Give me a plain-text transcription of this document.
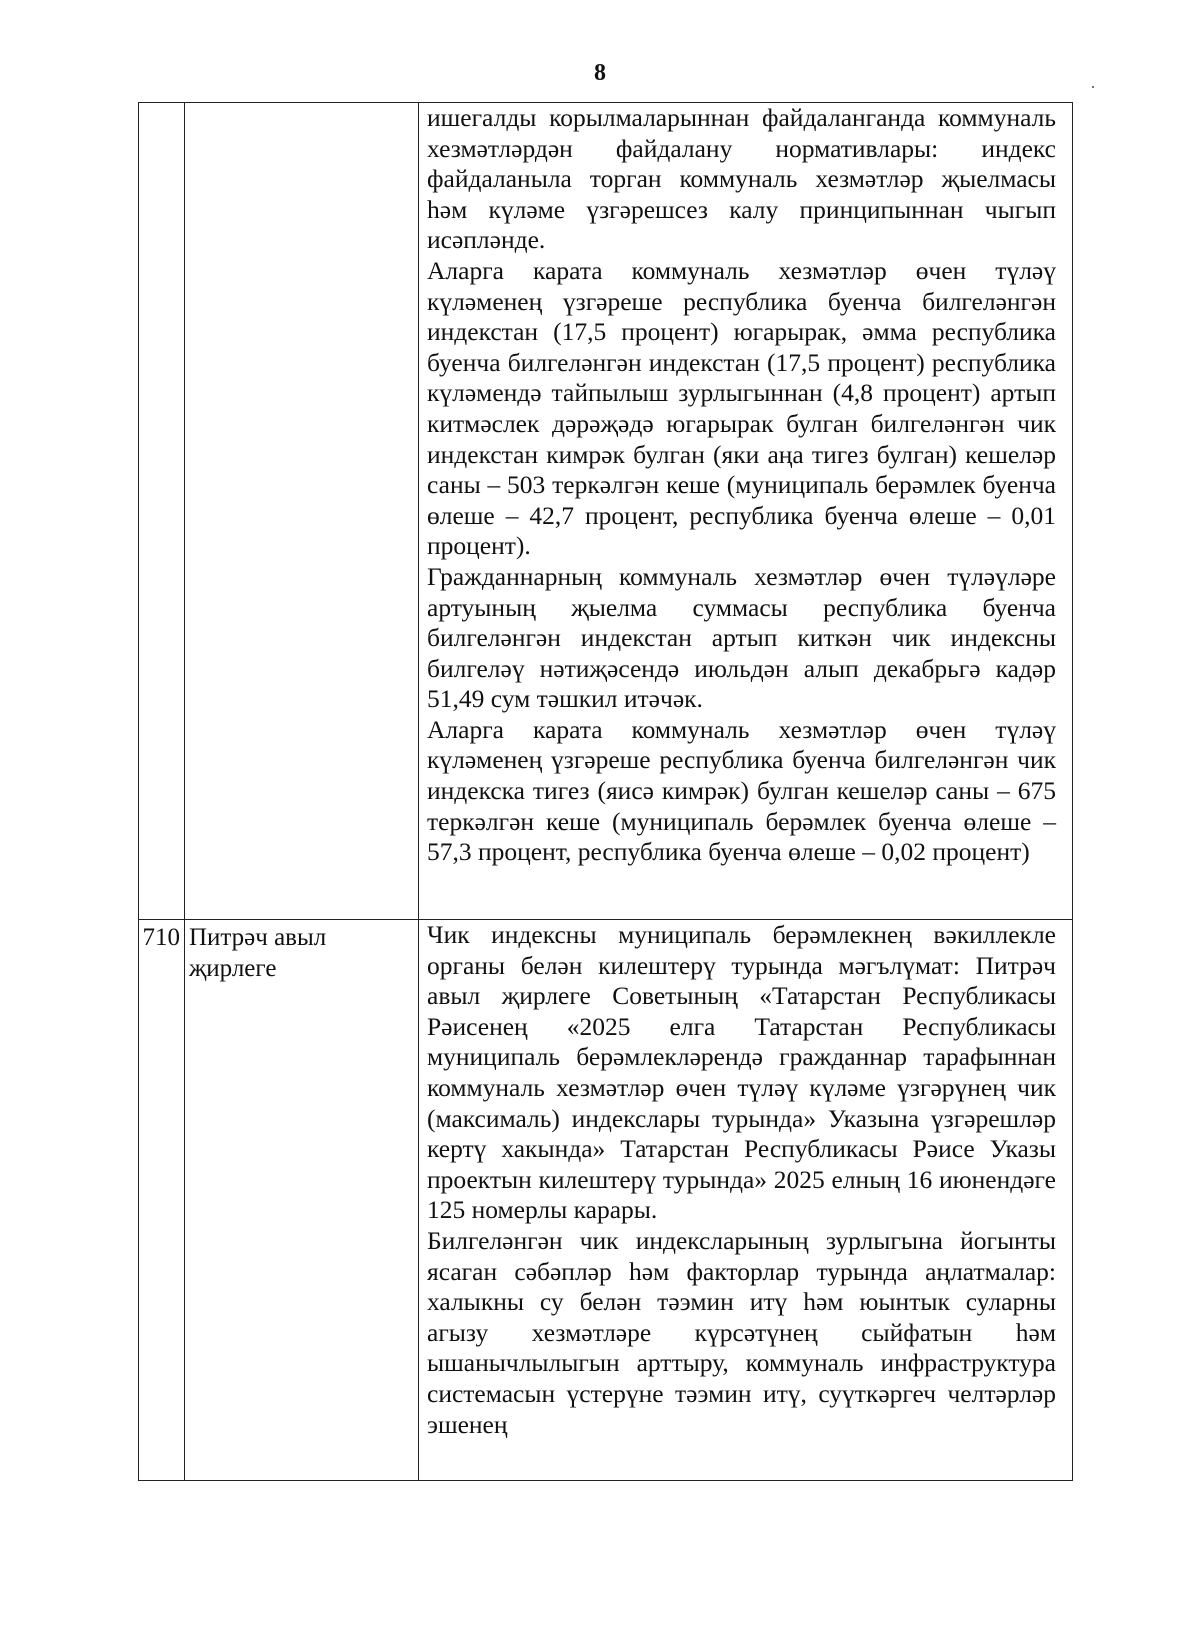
8

		ишегалды корылмаларыннан файдаланганда коммуналь хезмәтләрдән файдалану нормативлары: индекс файдаланыла торган коммуналь хезмәтләр җыелмасы һәм күләме үзгәрешсез калу принципыннан чыгып исәпләнде.

Аларга карата коммуналь хезмәтләр өчен түләү күләменең үзгәреше республика буенча билгеләнгән индекстан (17,5 процент) югарырак, әмма республика буенча билгеләнгән индекстан (17,5 процент) республика күләмендә тайпылыш зурлыгыннан (4,8 процент) артып китмәслек дәрәҗәдә югарырак булган билгеләнгән чик индекстан кимрәк булган (яки аңа тигез булган) кешеләр саны – 503 теркәлгән кеше (муниципаль берәмлек буенча өлеше – 42,7 процент, республика буенча өлеше – 0,01 процент).

Гражданнарның коммуналь хезмәтләр өчен түләүләре артуының җыелма суммасы республика буенча билгеләнгән индекстан артып киткән чик индексны билгеләү нәтиҗәсендә июльдән алып декабрьгә кадәр 51,49 сум тәшкил итәчәк.

Аларга карата коммуналь хезмәтләр өчен түләү күләменең үзгәреше республика буенча билгеләнгән чик индекска тигез (яисә кимрәк) булган кешеләр саны – 675 теркәлгән кеше (муниципаль берәмлек буенча өлеше – 57,3 процент, республика буенча өлеше – 0,02 процент)

710	Питрәч авыл җирлеге	Чик индексны муниципаль берәмлекнең вәкиллекле органы белән килештерү турында мәгълүмат: Питрәч авыл җирлеге Советының «Татарстан Республикасы Рәисенең «2025 елга Татарстан Республикасы муниципаль берәмлекләрендә гражданнар тарафыннан коммуналь хезмәтләр өчен түләү күләме үзгәрүнең чик (максималь) индекслары турында» Указына үзгәрешләр кертү хакында» Татарстан Республикасы Рәисе Указы проектын килештерү турында» 2025 елның 16 июнендәге 125 номерлы карары.

Билгеләнгән чик индексларының зурлыгына йогынты ясаган сәбәпләр һәм факторлар турында аңлатмалар: халыкны су белән тәэмин итү һәм юынтык суларны агызу хезмәтләре күрсәтүнең сыйфатын һәм ышанычлылыгын арттыру, коммуналь инфраструктура системасын үстерүне тәэмин итү, суүткәргеч челтәрләр эшенең
